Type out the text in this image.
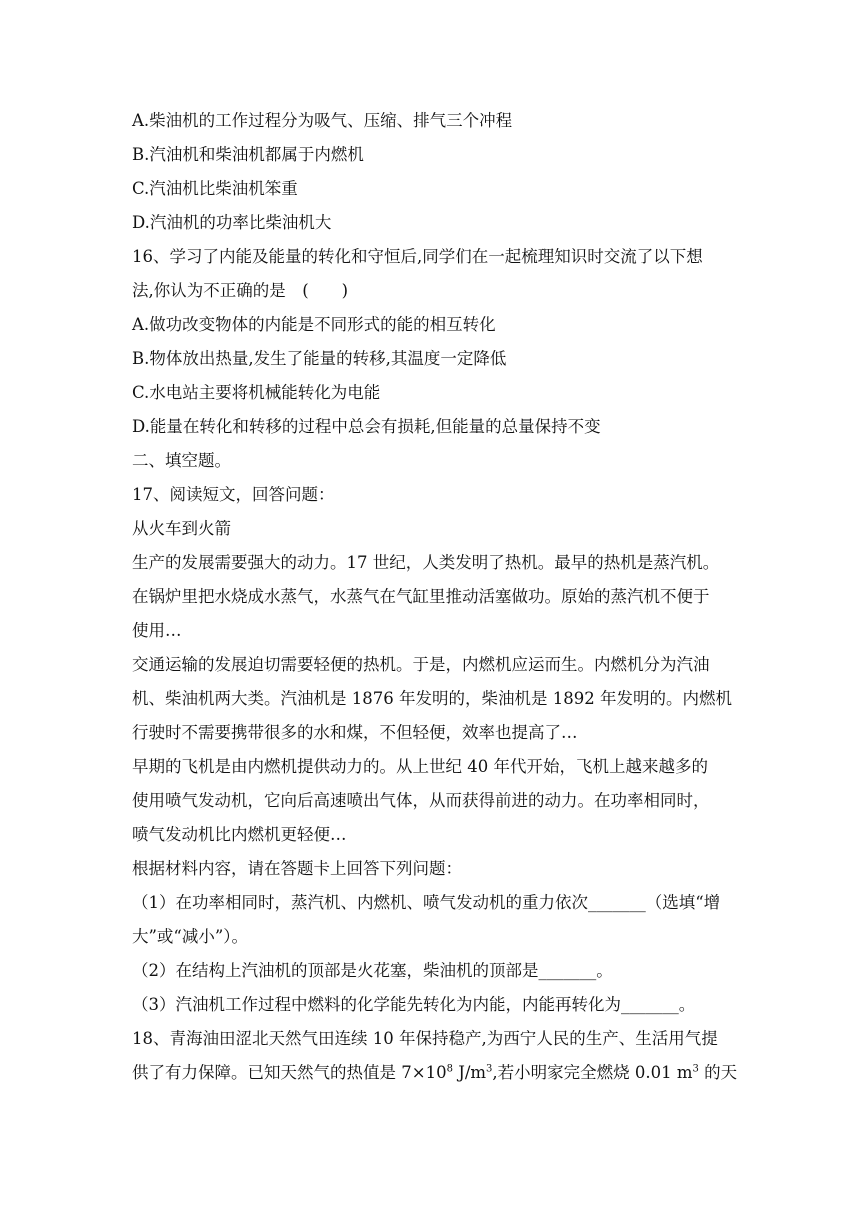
A.柴油机的工作过程分为吸气、压缩、排气三个冲程
B.汽油机和柴油机都属于内燃机
C.汽油机比柴油机笨重
D.汽油机的功率比柴油机大
16、学习了内能及能量的转化和守恒后,同学们在一起梳理知识时交流了以下想
法,你认为不正确的是　(　　)
A.做功改变物体的内能是不同形式的能的相互转化
B.物体放出热量,发生了能量的转移,其温度一定降低
C.水电站主要将机械能转化为电能
D.能量在转化和转移的过程中总会有损耗,但能量的总量保持不变
二、填空题。
17、阅读短文，回答问题：
从火车到火箭
生产的发展需要强大的动力。17 世纪，人类发明了热机。最早的热机是蒸汽机。
在锅炉里把水烧成水蒸气，水蒸气在气缸里推动活塞做功。原始的蒸汽机不便于
使用…
交通运输的发展迫切需要轻便的热机。于是，内燃机应运而生。内燃机分为汽油
机、柴油机两大类。汽油机是 1876 年发明的，柴油机是 1892 年发明的。内燃机
行驶时不需要携带很多的水和煤，不但轻便，效率也提高了…
早期的飞机是由内燃机提供动力的。从上世纪 40 年代开始，飞机上越来越多的
使用喷气发动机，它向后高速喷出气体，从而获得前进的动力。在功率相同时，
喷气发动机比内燃机更轻便…
根据材料内容，请在答题卡上回答下列问题：
（1）在功率相同时，蒸汽机、内燃机、喷气发动机的重力依次_______（选填“增
大”或“减小”）。
（2）在结构上汽油机的顶部是火花塞，柴油机的顶部是_______。
（3）汽油机工作过程中燃料的化学能先转化为内能，内能再转化为_______。
18、青海油田涩北天然气田连续 10 年保持稳产,为西宁人民的生产、生活用气提
供了有力保障。已知天然气的热值是 $7\times 10^8$ $J/m^3$,若小明家完全燃烧 0.01 $m^3$ 的天
